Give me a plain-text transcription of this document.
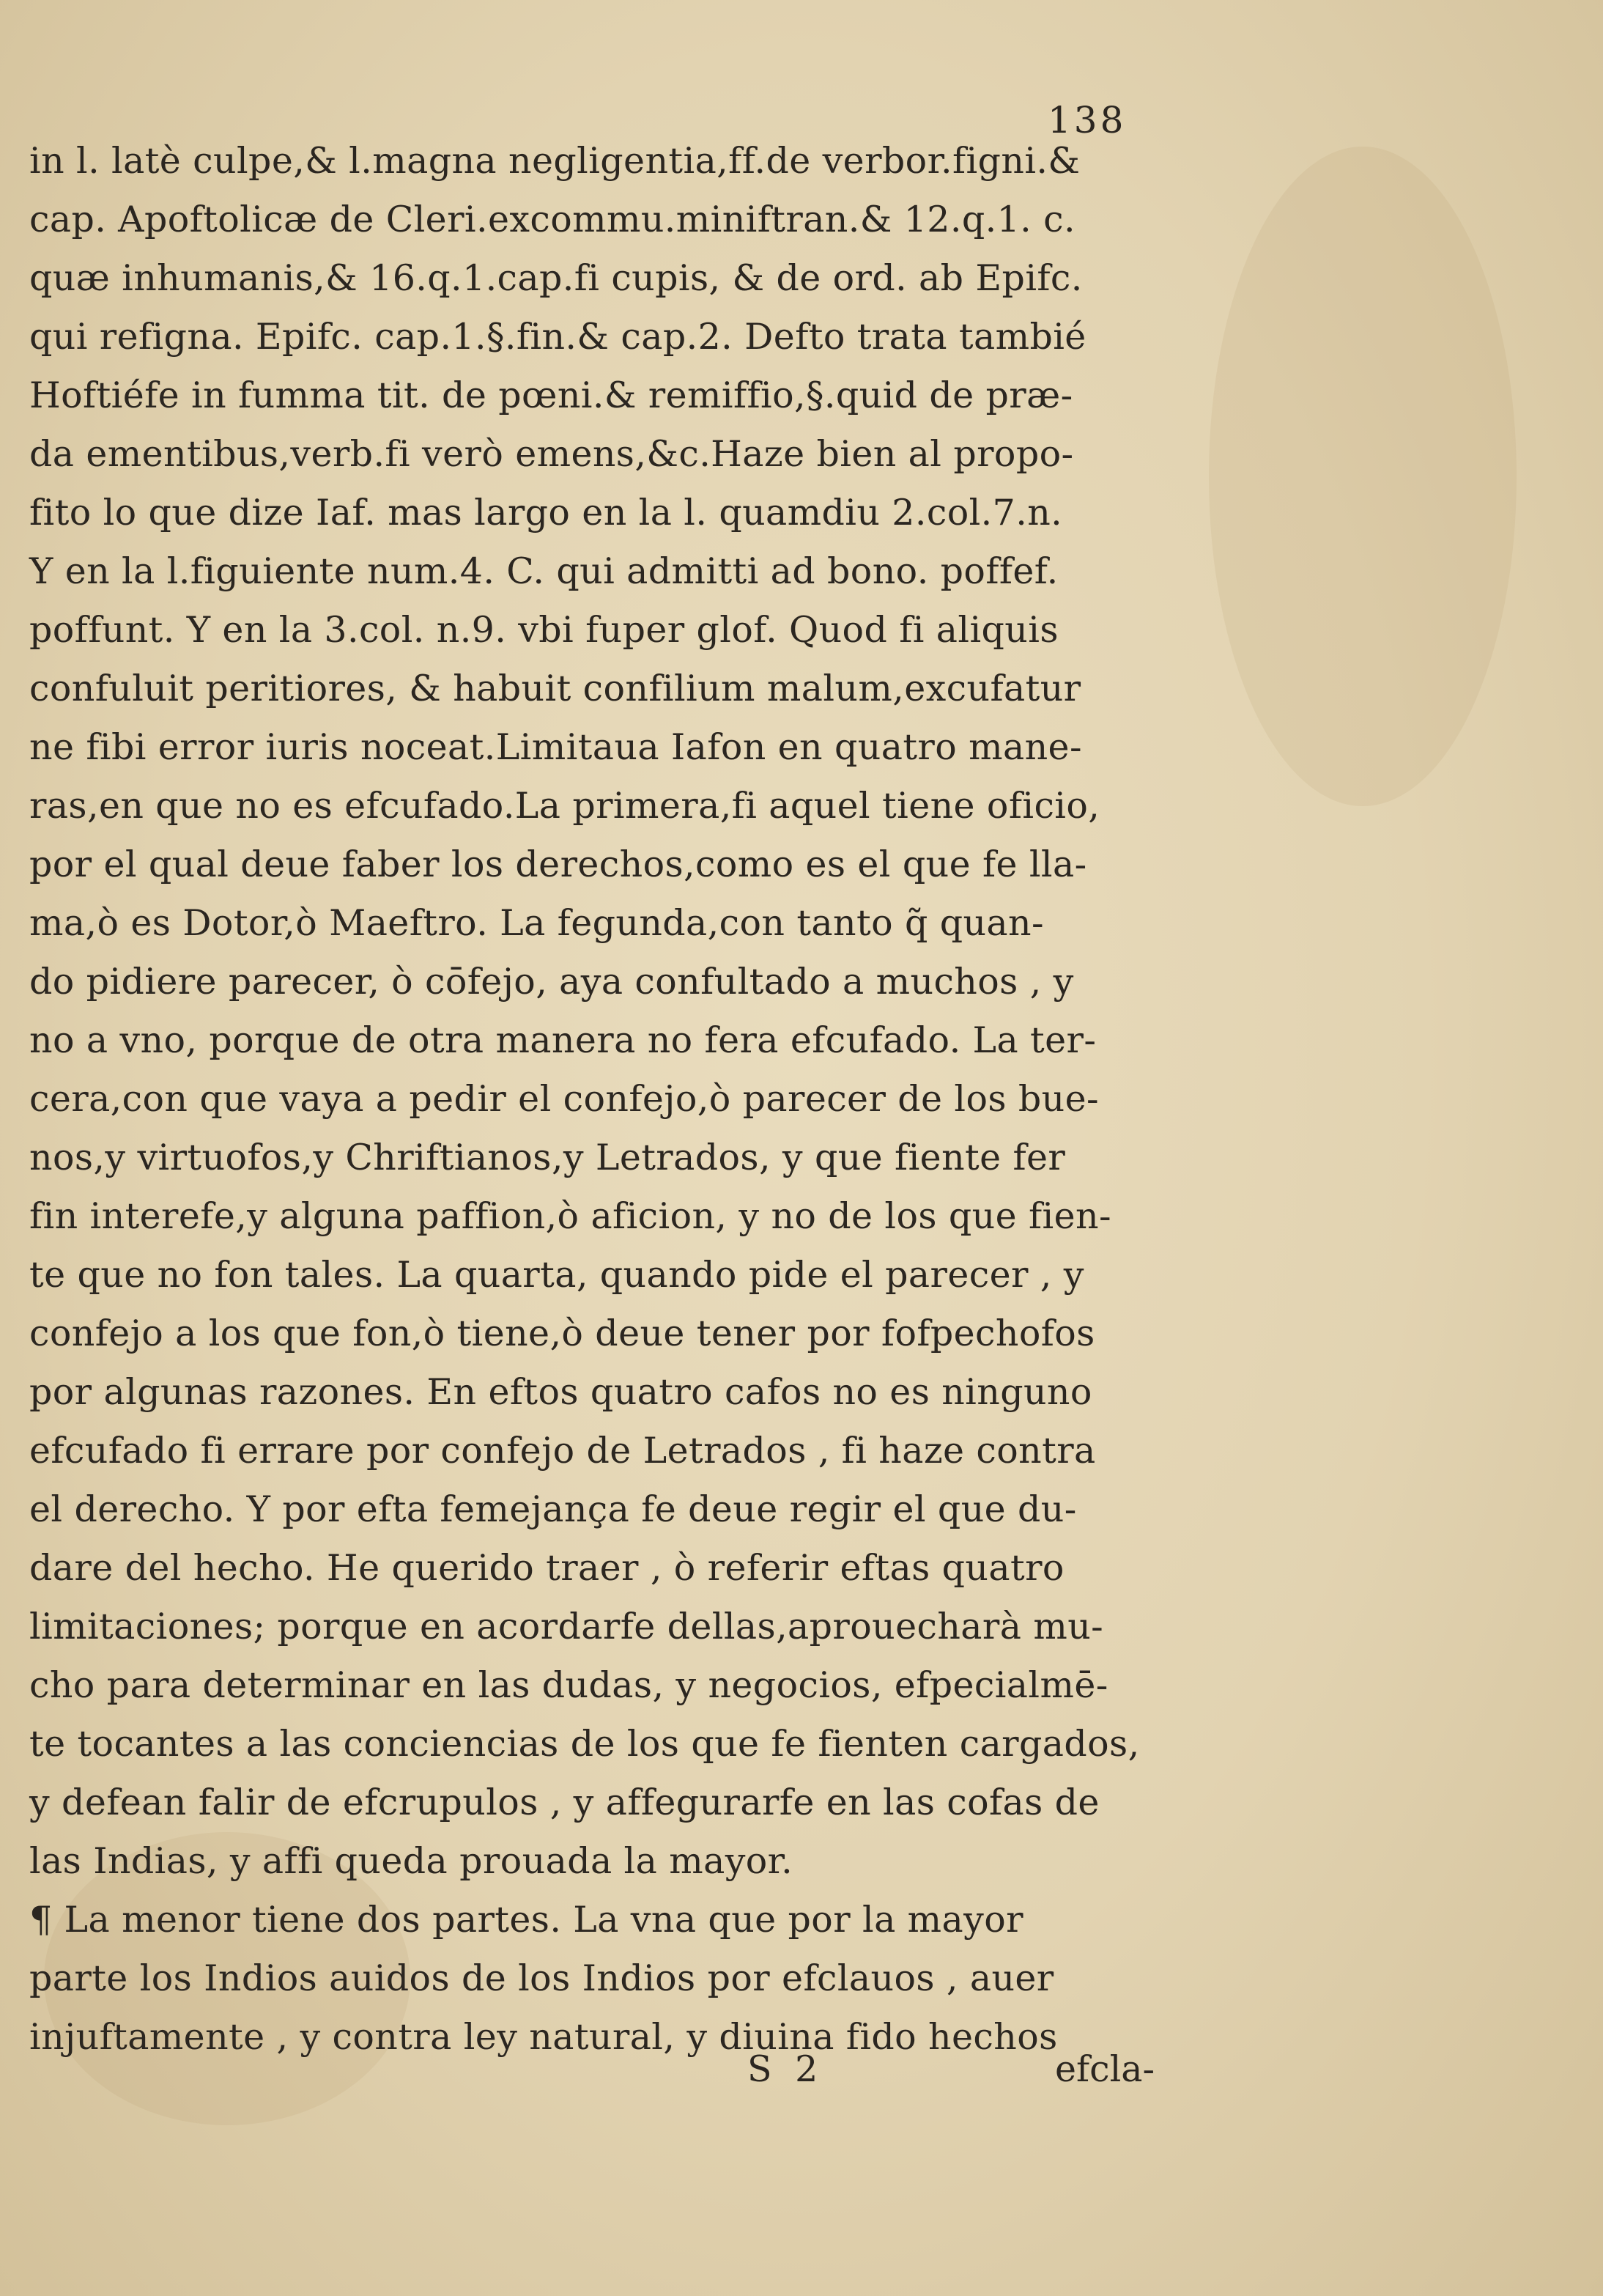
138
in l. latè culpe,& l.magna negligentia,ff.de verbor.figni.&
cap. Apoftolicæ de Cleri.excommu.miniftran.& 12.q.1. c.
quæ inhumanis,& 16.q.1.cap.fi cupis, & de ord. ab Epifc.
qui refigna. Epifc. cap.1.§.fin.& cap.2. Defto trata tambié
Hoftiéfe in fumma tit. de pœni.& remiffio,§.quid de præ-
da ementibus,verb.fi verò emens,&c.Haze bien al propo-
fito lo que dize Iaf. mas largo en la l. quamdiu 2.col.7.n.
Y en la l.figuiente num.4. C. qui admitti ad bono. poffef.
poffunt. Y en la 3.col. n.9. vbi fuper glof. Quod fi aliquis
confuluit peritiores, & habuit confilium malum,excufatur
ne fibi error iuris noceat.Limitaua Iafon en quatro mane-
ras,en que no es efcufado.La primera,fi aquel tiene oficio,
por el qual deue faber los derechos,como es el que fe lla-
ma,ò es Dotor,ò Maeftro. La fegunda,con tanto q̃ quan-
do pidiere parecer, ò cōfejo, aya confultado a muchos , y
no a vno, porque de otra manera no fera efcufado. La ter-
cera,con que vaya a pedir el confejo,ò parecer de los bue-
nos,y virtuofos,y Chriftianos,y Letrados, y que fiente fer
fin interefe,y alguna paffion,ò aficion, y no de los que fien-
te que no fon tales. La quarta, quando pide el parecer , y
confejo a los que fon,ò tiene,ò deue tener por fofpechofos
por algunas razones. En eftos quatro cafos no es ninguno
efcufado fi errare por confejo de Letrados , fi haze contra
el derecho. Y por efta femejança fe deue regir el que du-
dare del hecho. He querido traer , ò referir eftas quatro
limitaciones; porque en acordarfe dellas,aprouecharà mu-
cho para determinar en las dudas, y negocios, efpecialmē-
te tocantes a las conciencias de los que fe fienten cargados,
y defean falir de efcrupulos , y affegurarfe en las cofas de
las Indias, y affi queda prouada la mayor.
¶ La menor tiene dos partes. La vna que por la mayor
parte los Indios auidos de los Indios por efclauos , auer
injuftamente , y contra ley natural, y diuina fido hechos
S 2	efcla-
